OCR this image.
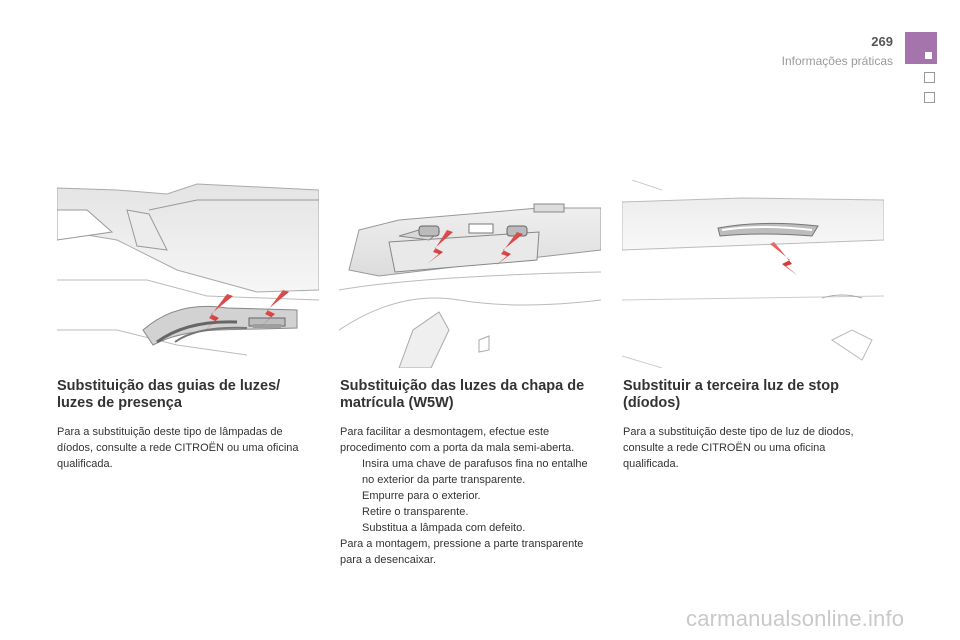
269
Informações práticas
Substituição das guias de luzes/ luzes de presença

Para a substituição deste tipo de lâmpadas de díodos, consulte a rede CITROËN ou uma oficina qualificada.

Substituição das luzes da chapa de matrícula (W5W)

Para facilitar a desmontagem, efectue este procedimento com a porta da mala semi-aberta.

Insira uma chave de parafusos fina no entalhe no exterior da parte transparente.
Empurre para o exterior.
Retire o transparente.
Substitua a lâmpada com defeito.

Para a montagem, pressione a parte transparente para a desencaixar.

Substituir a terceira luz de stop (díodos)

Para a substituição deste tipo de luz de diodos, consulte a rede CITROËN ou uma oficina qualificada.

carmanualsonline.info
